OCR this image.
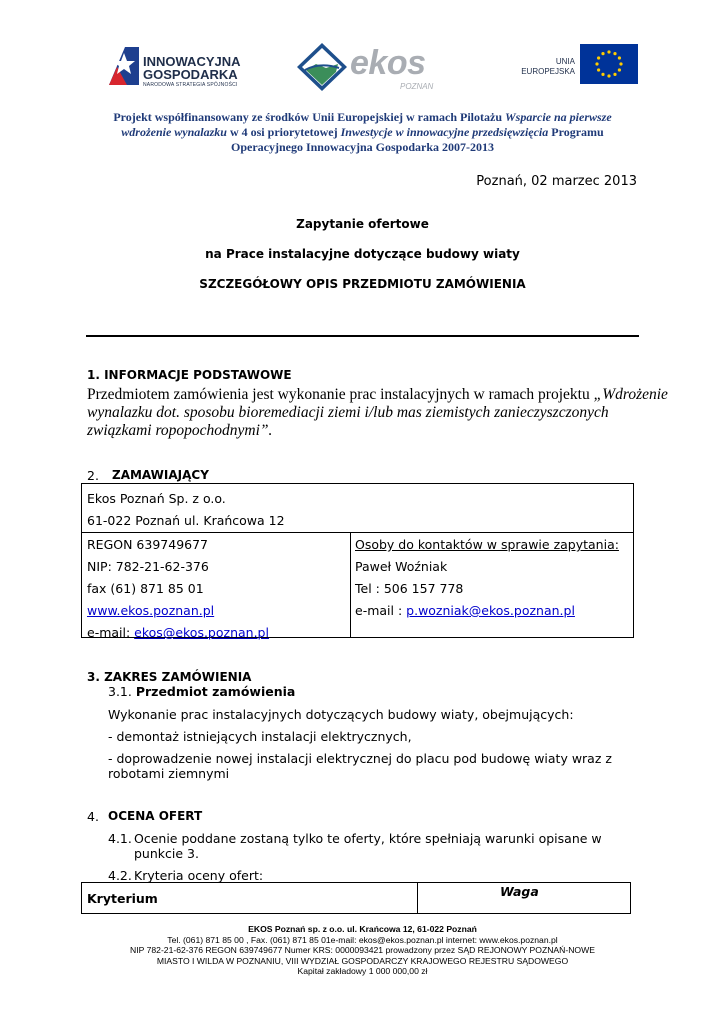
INNOWACYJNA
GOSPODARKA
NARODOWA STRATEGIA SPÓJNOŚCI
ekos
POZNAN
UNIA
EUROPEJSKA
Projekt współfinansowany ze środków Unii Europejskiej w ramach Pilotażu Wsparcie na pierwsze
wdrożenie wynalazku w 4 osi priorytetowej Inwestycje w innowacyjne przedsięwzięcia Programu
Operacyjnego Innowacyjna Gospodarka 2007-2013
Poznań, 02 marzec 2013
Zapytanie ofertowe
na Prace instalacyjne dotyczące budowy wiaty
SZCZEGÓŁOWY OPIS PRZEDMIOTU ZAMÓWIENIA
1. INFORMACJE PODSTAWOWE
Przedmiotem zamówienia jest wykonanie prac instalacyjnych w ramach projektu „Wdrożenie
wynalazku dot. sposobu bioremediacji ziemi i/lub mas ziemistych zanieczyszczonych
związkami ropopochodnymi”.
2. ZAMAWIAJĄCY
Ekos Poznań Sp. z o.o.
61-022 Poznań ul. Krańcowa 12
REGON 639749677
NIP: 782-21-62-376
fax (61) 871 85 01
www.ekos.poznan.pl
e-mail: ekos@ekos.poznan.pl
Osoby do kontaktów w sprawie zapytania:
Paweł Woźniak
Tel : 506 157 778
e-mail : p.wozniak@ekos.poznan.pl
3. ZAKRES ZAMÓWIENIA
3.1. Przedmiot zamówienia
Wykonanie prac instalacyjnych dotyczących budowy wiaty, obejmujących:
- demontaż istniejących instalacji elektrycznych,
- doprowadzenie nowej instalacji elektrycznej do placu pod budowę wiaty wraz z
robotami ziemnymi
4. OCENA OFERT
4.1. Ocenie poddane zostaną tylko te oferty, które spełniają warunki opisane w
punkcie 3.
4.2. Kryteria oceny ofert:
Kryterium	Waga
EKOS Poznań sp. z o.o. ul. Krańcowa 12, 61-022 Poznań
Tel. (061) 871 85 00 , Fax. (061) 871 85 01e-mail: ekos@ekos.poznan.pl internet: www.ekos.poznan.pl
NIP 782-21-62-376 REGON 639749677 Numer KRS: 0000093421 prowadzony przez SĄD REJONOWY POZNAŃ-NOWE
MIASTO I WILDA W POZNANIU, VIII WYDZIAŁ GOSPODARCZY KRAJOWEGO REJESTRU SĄDOWEGO
Kapitał zakładowy 1 000 000,00 zł
